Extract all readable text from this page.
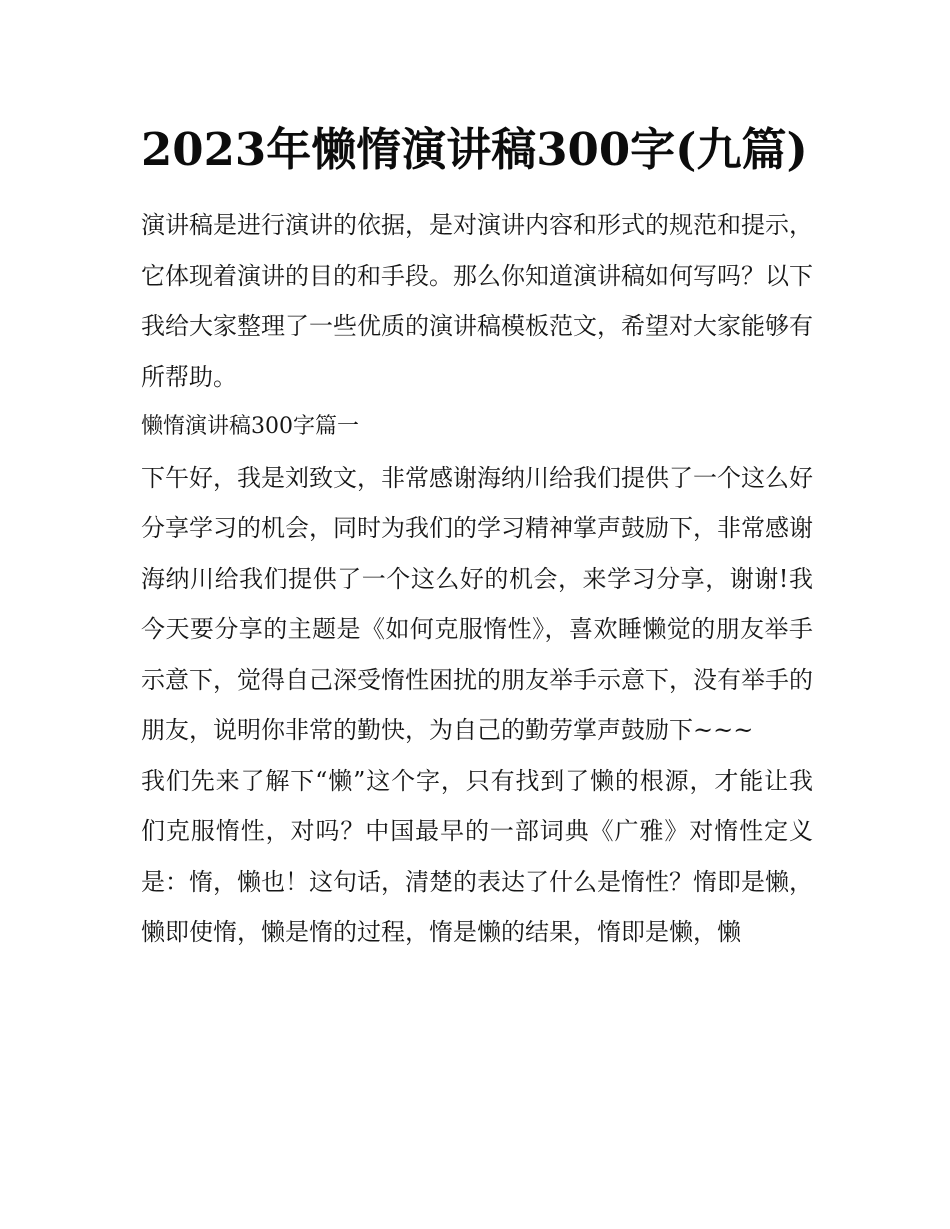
2023年懒惰演讲稿300字(九篇)

演讲稿是进行演讲的依据，是对演讲内容和形式的规范和提示，它体现着演讲的目的和手段。那么你知道演讲稿如何写吗？以下我给大家整理了一些优质的演讲稿模板范文，希望对大家能够有所帮助。

懒惰演讲稿300字篇一

下午好，我是刘致文，非常感谢海纳川给我们提供了一个这么好分享学习的机会，同时为我们的学习精神掌声鼓励下，非常感谢海纳川给我们提供了一个这么好的机会，来学习分享，谢谢!我今天要分享的主题是《如何克服惰性》，喜欢睡懒觉的朋友举手示意下，觉得自己深受惰性困扰的朋友举手示意下，没有举手的朋友，说明你非常的勤快，为自己的勤劳掌声鼓励下~~~

我们先来了解下“懒”这个字，只有找到了懒的根源，才能让我们克服惰性，对吗？中国最早的一部词典《广雅》对惰性定义是：惰，懒也！这句话，清楚的表达了什么是惰性？惰即是懒，懒即使惰，懒是惰的过程，惰是懒的结果，惰即是懒，懒
